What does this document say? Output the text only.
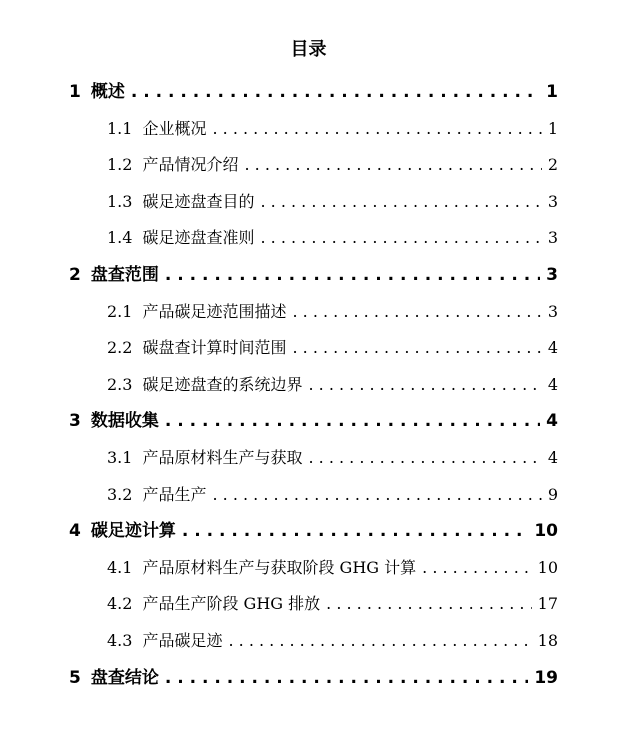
目录
1 概述 . . .	1
1.1 企业概况 . . .	1
1.2 产品情况介绍 . . .	2
1.3 碳足迹盘查目的 . . .	3
1.4 碳足迹盘查准则 . . .	3
2 盘查范围 . . .	3
2.1 产品碳足迹范围描述 . . .	3
2.2 碳盘查计算时间范围 . . .	4
2.3 碳足迹盘查的系统边界 . . .	4
3 数据收集 . . .	4
3.1 产品原材料生产与获取 . . .	4
3.2 产品生产 . . .	9
4 碳足迹计算 . . .	10
4.1 产品原材料生产与获取阶段 GHG 计算 . . .	10
4.2 产品生产阶段 GHG 排放 . . .	17
4.3 产品碳足迹 . . .	18
5 盘查结论 . . .	19
